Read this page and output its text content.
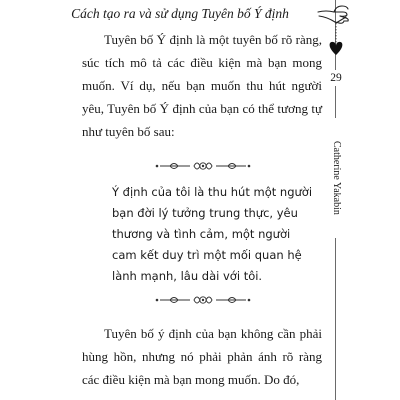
Cách tạo ra và sử dụng Tuyên bố Ý định

Tuyên bố Ý định là một tuyên bố rõ ràng, súc tích mô tả các điều kiện mà bạn mong muốn. Ví dụ, nếu bạn muốn thu hút người yêu, Tuyên bố Ý định của bạn có thể tương tự như tuyên bố sau:

Ý định của tôi là thu hút một người
bạn đời lý tưởng trung thực, yêu
thương và tình cảm, một người
cam kết duy trì một mối quan hệ
lành mạnh, lâu dài với tôi.

Tuyên bố ý định của bạn không cần phải hùng hồn, nhưng nó phải phản ánh rõ ràng các điều kiện mà bạn mong muốn. Do đó,

29
Catherine Yakabin
